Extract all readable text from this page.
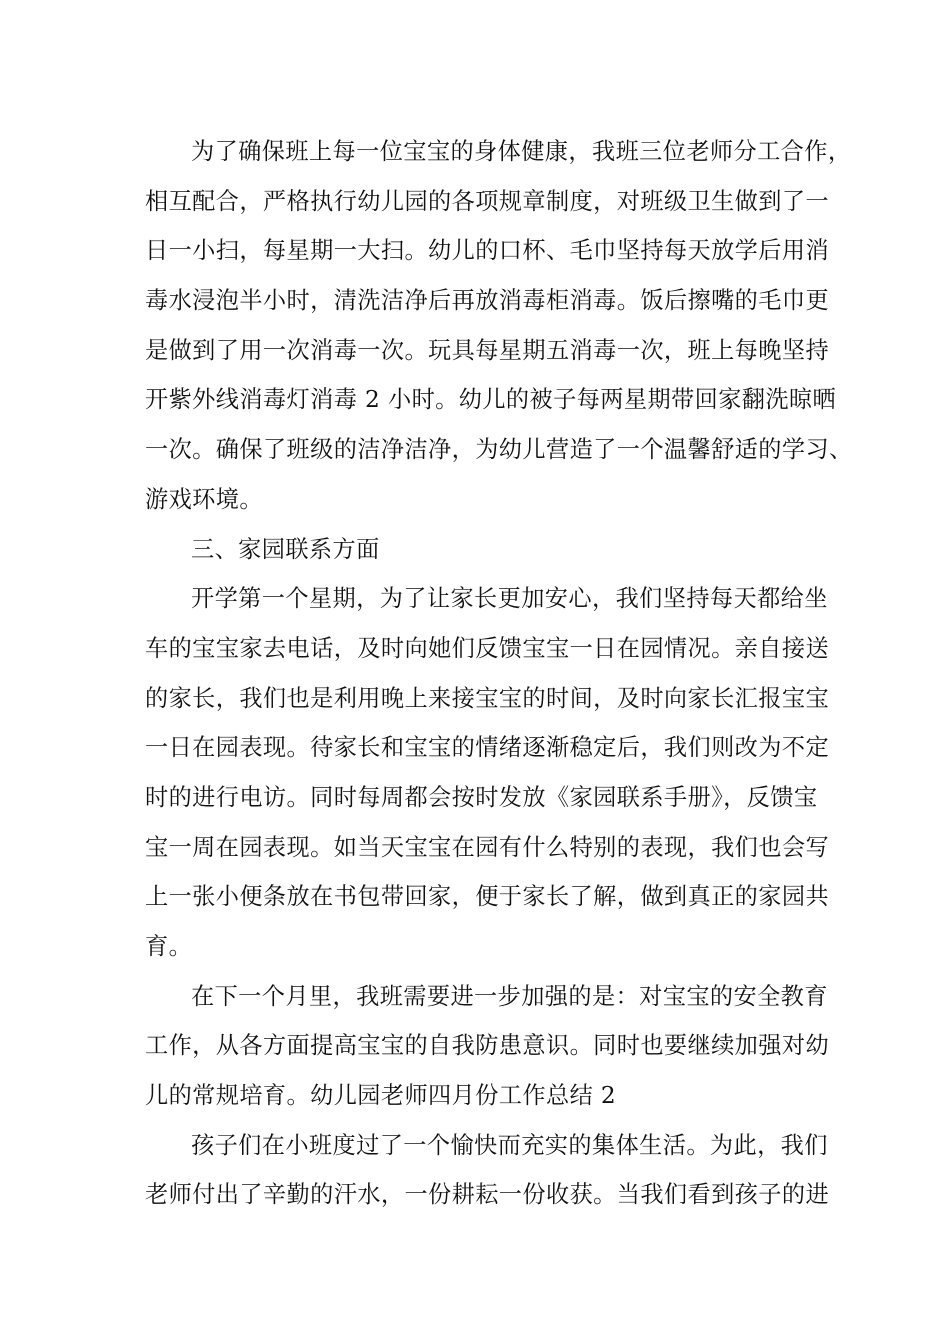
为了确保班上每一位宝宝的身体健康，我班三位老师分工合作，
相互配合，严格执行幼儿园的各项规章制度，对班级卫生做到了一
日一小扫，每星期一大扫。幼儿的口杯、毛巾坚持每天放学后用消
毒水浸泡半小时，清洗洁净后再放消毒柜消毒。饭后擦嘴的毛巾更
是做到了用一次消毒一次。玩具每星期五消毒一次，班上每晚坚持
开紫外线消毒灯消毒 2 小时。幼儿的被子每两星期带回家翻洗晾晒
一次。确保了班级的洁净洁净，为幼儿营造了一个温馨舒适的学习、
游戏环境。
三、家园联系方面
开学第一个星期，为了让家长更加安心，我们坚持每天都给坐
车的宝宝家去电话，及时向她们反馈宝宝一日在园情况。亲自接送
的家长，我们也是利用晚上来接宝宝的时间，及时向家长汇报宝宝
一日在园表现。待家长和宝宝的情绪逐渐稳定后，我们则改为不定
时的进行电访。同时每周都会按时发放《家园联系手册》，反馈宝
宝一周在园表现。如当天宝宝在园有什么特别的表现，我们也会写
上一张小便条放在书包带回家，便于家长了解，做到真正的家园共
育。
在下一个月里，我班需要进一步加强的是：对宝宝的安全教育
工作，从各方面提高宝宝的自我防患意识。同时也要继续加强对幼
儿的常规培育。幼儿园老师四月份工作总结 2
孩子们在小班度过了一个愉快而充实的集体生活。为此，我们
老师付出了辛勤的汗水，一份耕耘一份收获。当我们看到孩子的进
